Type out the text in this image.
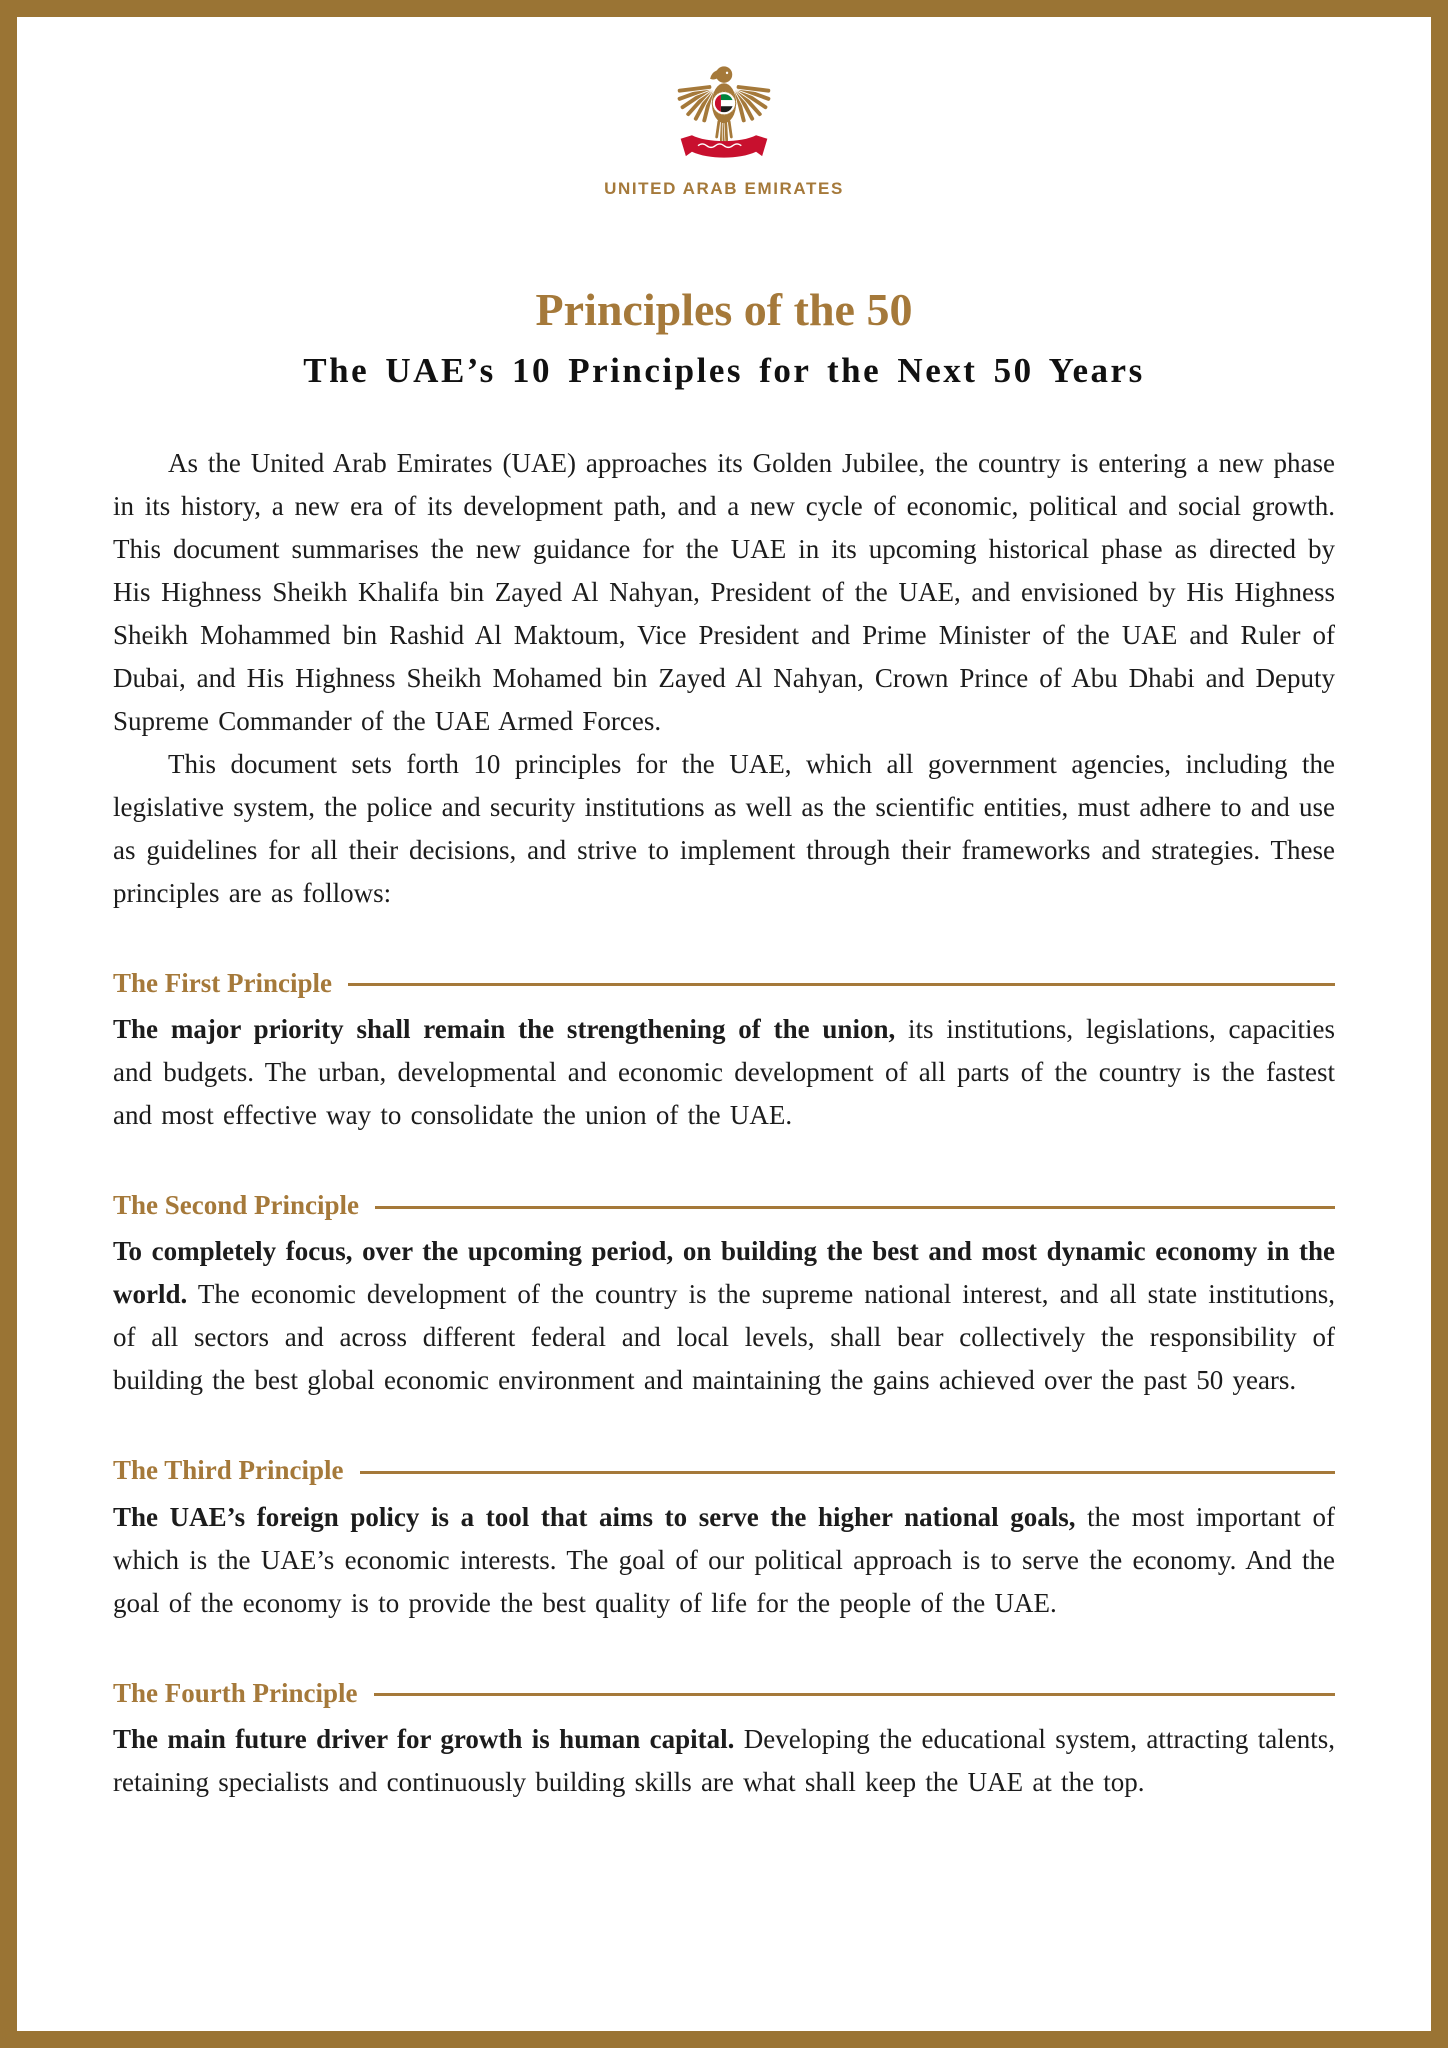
UNITED ARAB EMIRATES
Principles of the 50
The UAE’s 10 Principles for the Next 50 Years

As the United Arab Emirates (UAE) approaches its Golden Jubilee, the country is entering a new phase in its history, a new era of its development path, and a new cycle of economic, political and social growth. This document summarises the new guidance for the UAE in its upcoming historical phase as directed by His Highness Sheikh Khalifa bin Zayed Al Nahyan, President of the UAE, and envisioned by His Highness Sheikh Mohammed bin Rashid Al Maktoum, Vice President and Prime Minister of the UAE and Ruler of Dubai, and His Highness Sheikh Mohamed bin Zayed Al Nahyan, Crown Prince of Abu Dhabi and Deputy Supreme Commander of the UAE Armed Forces.

This document sets forth 10 principles for the UAE, which all government agencies, including the legislative system, the police and security institutions as well as the scientific entities, must adhere to and use as guidelines for all their decisions, and strive to implement through their frameworks and strategies. These principles are as follows:

The First Principle

The major priority shall remain the strengthening of the union, its institutions, legislations, capacities and budgets. The urban, developmental and economic development of all parts of the country is the fastest and most effective way to consolidate the union of the UAE.

The Second Principle

To completely focus, over the upcoming period, on building the best and most dynamic economy in the world. The economic development of the country is the supreme national interest, and all state institutions, of all sectors and across different federal and local levels, shall bear collectively the responsibility of building the best global economic environment and maintaining the gains achieved over the past 50 years.

The Third Principle

The UAE’s foreign policy is a tool that aims to serve the higher national goals, the most important of which is the UAE’s economic interests. The goal of our political approach is to serve the economy. And the goal of the economy is to provide the best quality of life for the people of the UAE.

The Fourth Principle

The main future driver for growth is human capital. Developing the educational system, attracting talents, retaining specialists and continuously building skills are what shall keep the UAE at the top.
